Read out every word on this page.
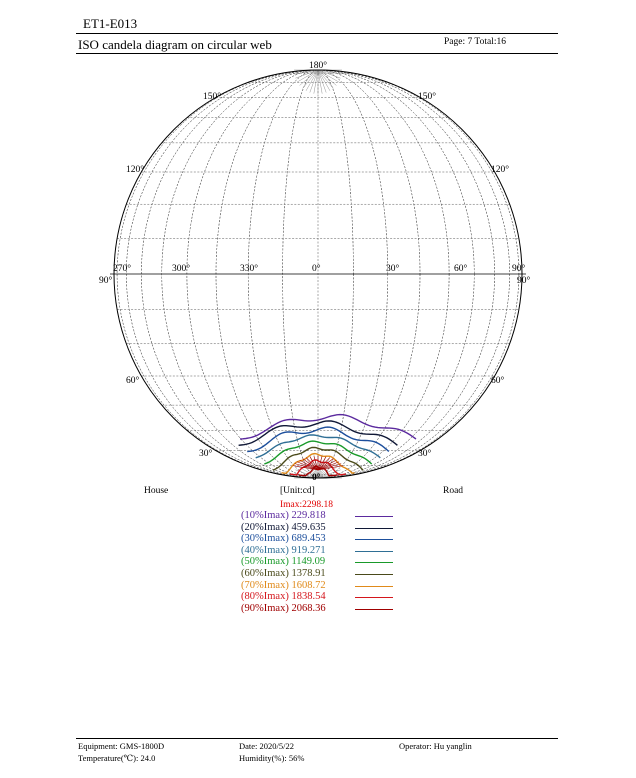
ET1-E013
ISO candela diagram on circular web	Page: 7 Total:16
180°
150°	150°
120°	120°
270°	300°	330°	0°	30°	60°	90°
90°	90°
60°	60°
30°	30°
0°
House	Road
[Unit:cd]
Imax:2298.18
(10%Imax) 229.818
(20%Imax) 459.635
(30%Imax) 689.453
(40%Imax) 919.271
(50%Imax) 1149.09
(60%Imax) 1378.91
(70%Imax) 1608.72
(80%Imax) 1838.54
(90%Imax) 2068.36
Equipment: GMS-1800D
Temperature(℃): 24.0
Date: 2020/5/22
Humidity(%): 56%
Operator: Hu yanglin
